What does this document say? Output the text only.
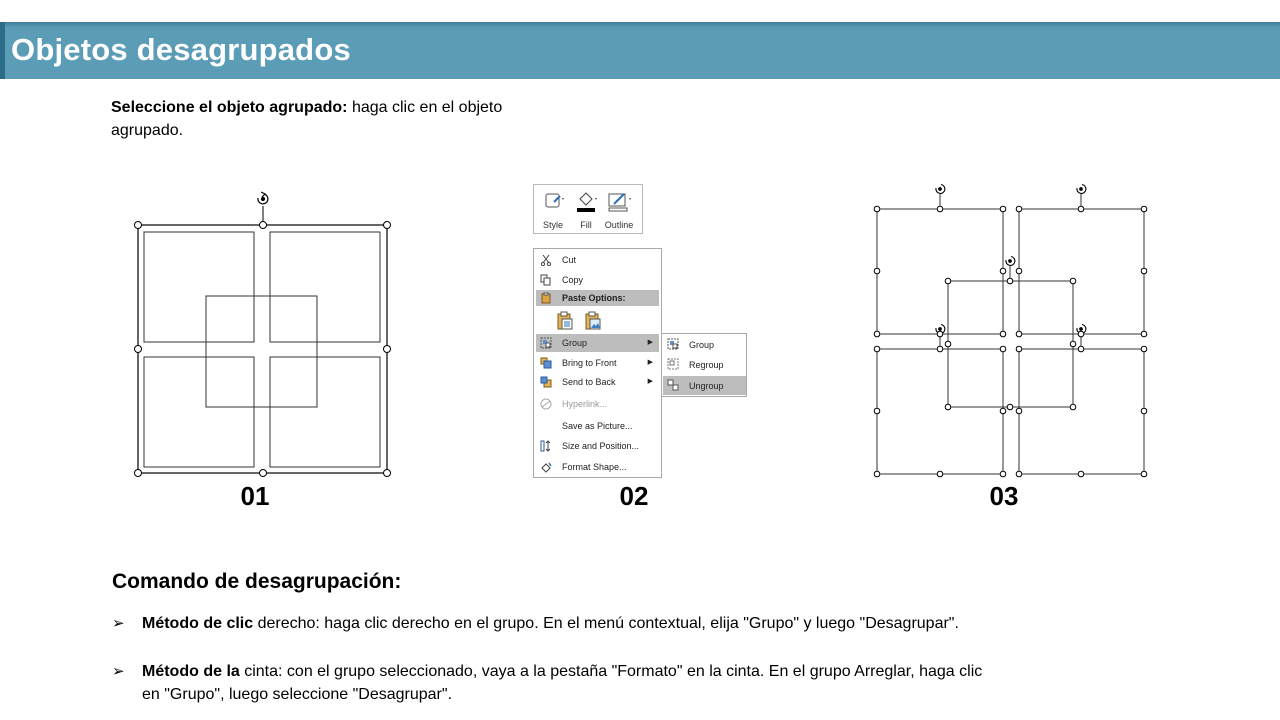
Objetos desagrupados
Seleccione el objeto agrupado: haga clic en el objeto agrupado.
01
Style	Fill	Outline
Cut
Copy
Paste Options:
Group	▶
Bring to Front	▶
Send to Back	▶
Hyperlink...
Save as Picture...
Size and Position...
Format Shape...
Group
Regroup
Ungroup
02	03
Comando de desagrupación:
➢ Método de clic derecho: haga clic derecho en el grupo. En el menú contextual, elija "Grupo" y luego "Desagrupar".
➢ Método de la cinta: con el grupo seleccionado, vaya a la pestaña "Formato" en la cinta. En el grupo Arreglar, haga clic en "Grupo", luego seleccione "Desagrupar".
